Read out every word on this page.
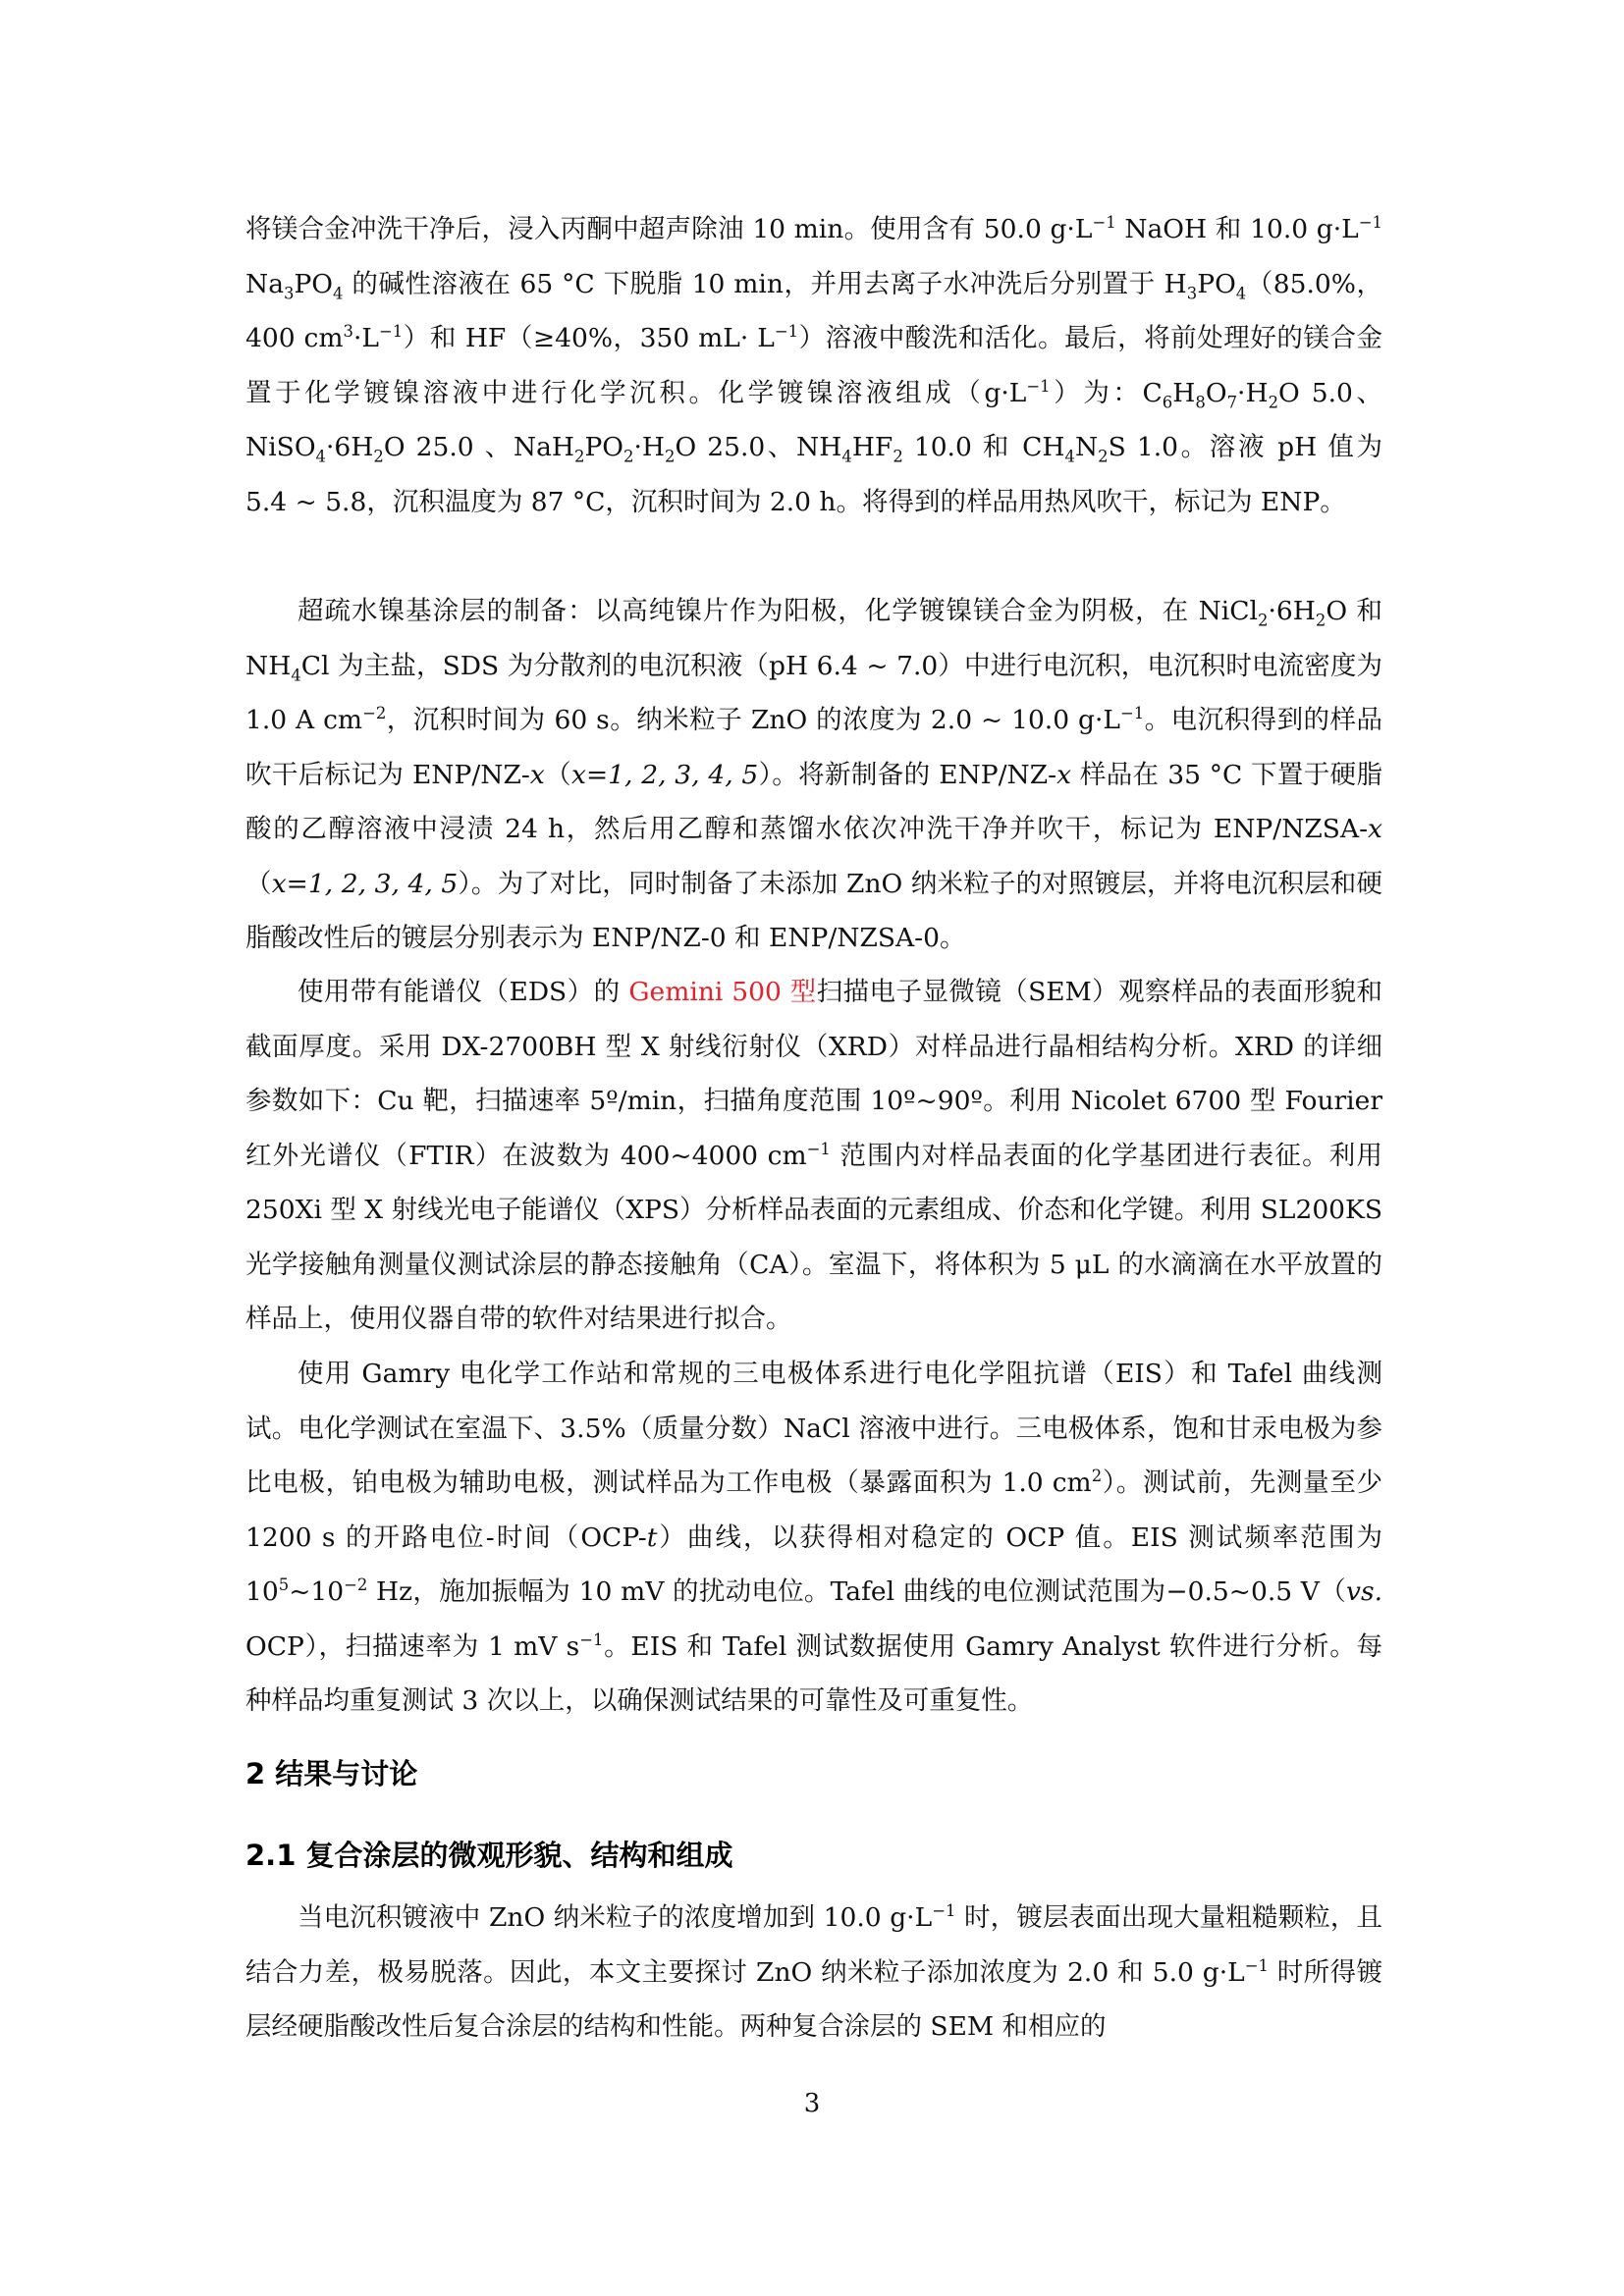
将镁合金冲洗干净后，浸入丙酮中超声除油 10 min。使用含有 50.0 $g\cdot L^{-1}$ NaOH 和 10.0 $g\cdot L^{-1}$ $Na_3PO_4$ 的碱性溶液在 65 °C 下脱脂 10 min，并用去离子水冲洗后分别置于 $H_3PO_4(85.0\%$，400 $cm^3\cdot L^{-1}$）和 HF（≥40%，350 $mL\cdot L^{-1}$）溶液中酸洗和活化。最后，将前处理好的镁合金置于化学镀镍溶液中进行化学沉积。化学镀镍溶液组成$(g\cdot L^{-1})$为：$C_6H_8O_7\cdot H_2O$ 5.0、$NiSO_4\cdot 6H_2O$ 25.0 、$NaH_2PO_2\cdot H_2O$ 25.0、$NH_4HF_2$ 10.0 和 $CH_4N_2S$ 1.0。溶液 pH 值为 5.4 ~ 5.8，沉积温度为 87 °C，沉积时间为 2.0 h。将得到的样品用热风吹干，标记为 ENP。

超疏水镍基涂层的制备：以高纯镍片作为阳极，化学镀镍镁合金为阴极，在 $NiCl_2\cdot 6H_2O$ 和 $NH_4Cl$ 为主盐，SDS 为分散剂的电沉积液（pH 6.4 ~ 7.0）中进行电沉积，电沉积时电流密度为 1.0 A $cm^{-2}$，沉积时间为 60 s。纳米粒子 ZnO 的浓度为 2.0 ~ 10.0 $g\cdot L^{-1}$。电沉积得到的样品吹干后标记为 ENP/NZ-x（x=1, 2, 3, 4, 5）。将新制备的 ENP/NZ-x 样品在 35 °C 下置于硬脂酸的乙醇溶液中浸渍 24 h，然后用乙醇和蒸馏水依次冲洗干净并吹干，标记为 ENP/NZSA-x（x=1, 2, 3, 4, 5）。为了对比，同时制备了未添加 ZnO 纳米粒子的对照镀层，并将电沉积层和硬脂酸改性后的镀层分别表示为 ENP/NZ-0 和 ENP/NZSA-0。

使用带有能谱仪（EDS）的 Gemini 500 型扫描电子显微镜（SEM）观察样品的表面形貌和截面厚度。采用 DX-2700BH 型 X 射线衍射仪（XRD）对样品进行晶相结构分析。XRD 的详细参数如下：Cu 靶，扫描速率 5º/min，扫描角度范围 10º~90º。利用 Nicolet 6700 型 Fourier 红外光谱仪（FTIR）在波数为 400~4000 $cm^{-1}$ 范围内对样品表面的化学基团进行表征。利用 250Xi 型 X 射线光电子能谱仪（XPS）分析样品表面的元素组成、价态和化学键。利用 SL200KS 光学接触角测量仪测试涂层的静态接触角（CA）。室温下，将体积为 5 μL 的水滴滴在水平放置的样品上，使用仪器自带的软件对结果进行拟合。

使用 Gamry 电化学工作站和常规的三电极体系进行电化学阻抗谱（EIS）和 Tafel 曲线测试。电化学测试在室温下、3.5%（质量分数）NaCl 溶液中进行。三电极体系，饱和甘汞电极为参比电极，铂电极为辅助电极，测试样品为工作电极（暴露面积为 1.0 $cm^2$）。测试前，先测量至少 1200 s 的开路电位-时间（OCP-t）曲线，以获得相对稳定的 OCP 值。EIS 测试频率范围为 $10^5\sim 10^{-2}$ Hz，施加振幅为 10 mV 的扰动电位。Tafel 曲线的电位测试范围为−0.5~0.5 V（vs. OCP），扫描速率为 1 mV $s^{-1}$。EIS 和 Tafel 测试数据使用 Gamry Analyst 软件进行分析。每种样品均重复测试 3 次以上，以确保测试结果的可靠性及可重复性。

2 结果与讨论
2.1 复合涂层的微观形貌、结构和组成

当电沉积镀液中 ZnO 纳米粒子的浓度增加到 10.0 $g\cdot L^{-1}$ 时，镀层表面出现大量粗糙颗粒，且结合力差，极易脱落。因此，本文主要探讨 ZnO 纳米粒子添加浓度为 2.0 和 5.0 $g\cdot L^{-1}$ 时所得镀层经硬脂酸改性后复合涂层的结构和性能。两种复合涂层的 SEM 和相应的

3
